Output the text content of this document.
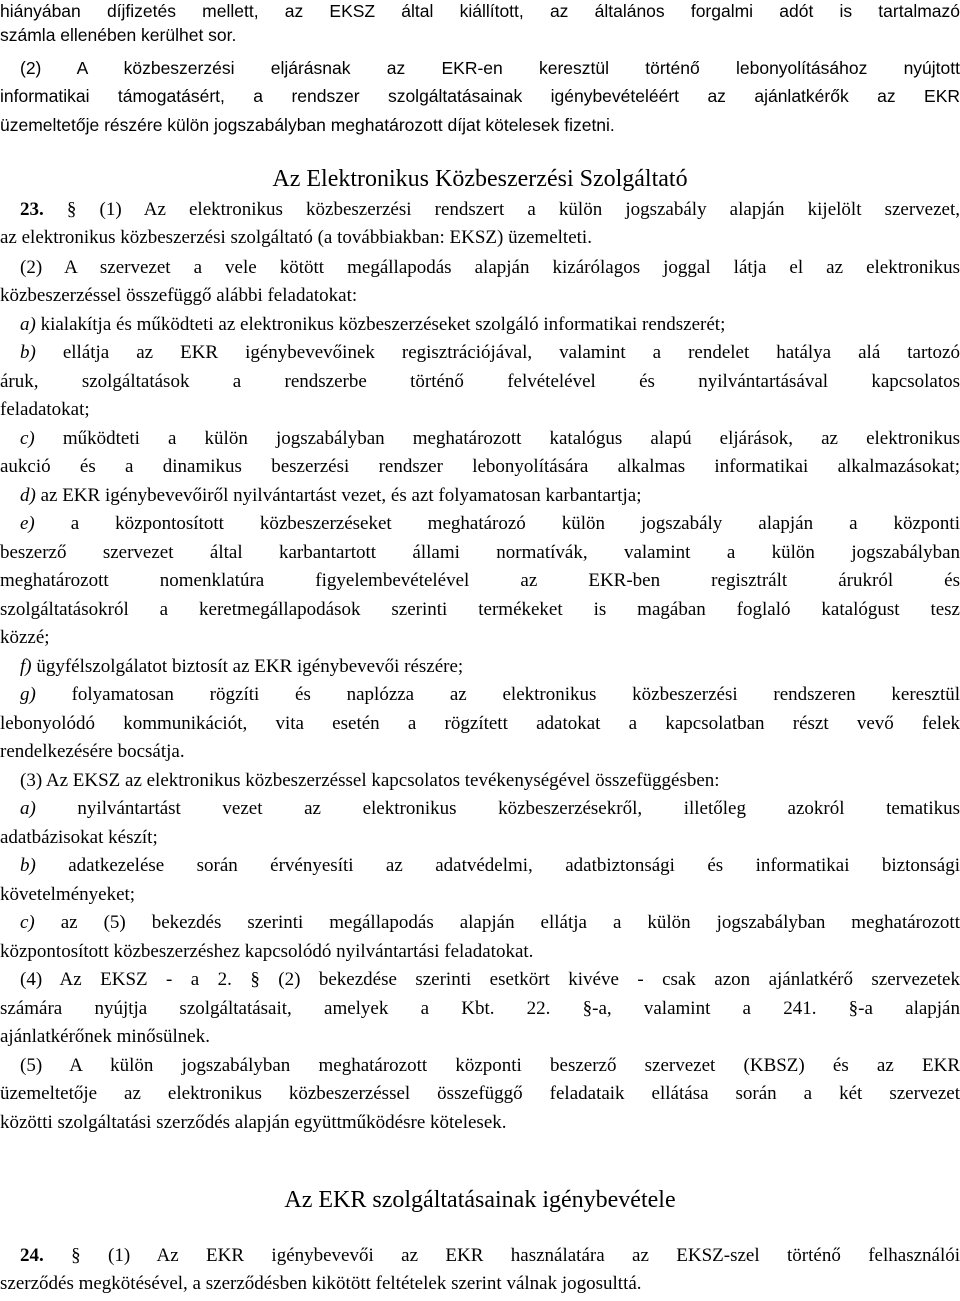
hiányában díjfizetés mellett, az EKSZ által kiállított, az általános forgalmi adót is tartalmazó
számla ellenében kerülhet sor.
(2) A közbeszerzési eljárásnak az EKR-en keresztül történő lebonyolításához nyújtott
informatikai támogatásért, a rendszer szolgáltatásainak igénybevételéért az ajánlatkérők az EKR
üzemeltetője részére külön jogszabályban meghatározott díjat kötelesek fizetni.
az elektronikus közbeszerzési szolgáltató (a továbbiakban: EKSZ) üzemelteti.
(2) A szervezet a vele kötött megállapodás alapján kizárólagos joggal látja el az elektronikus
közbeszerzéssel összefüggő alábbi feladatokat:
a) kialakítja és működteti az elektronikus közbeszerzéseket szolgáló informatikai rendszerét;
b) ellátja az EKR igénybevevőinek regisztrációjával, valamint a rendelet hatálya alá tartozó
áruk, szolgáltatások a rendszerbe történő felvételével és nyilvántartásával kapcsolatos
feladatokat;
c) működteti a külön jogszabályban meghatározott katalógus alapú eljárások, az elektronikus
aukció és a dinamikus beszerzési rendszer lebonyolítására alkalmas informatikai alkalmazásokat;
d) az EKR igénybevevőiről nyilvántartást vezet, és azt folyamatosan karbantartja;
e) a központosított közbeszerzéseket meghatározó külön jogszabály alapján a központi
beszerző szervezet által karbantartott állami normatívák, valamint a külön jogszabályban
meghatározott nomenklatúra figyelembevételével az EKR-ben regisztrált árukról és
szolgáltatásokról a keretmegállapodások szerinti termékeket is magában foglaló katalógust tesz
közzé;
f) ügyfélszolgálatot biztosít az EKR igénybevevői részére;
g) folyamatosan rögzíti és naplózza az elektronikus közbeszerzési rendszeren keresztül
lebonyolódó kommunikációt, vita esetén a rögzített adatokat a kapcsolatban részt vevő felek
rendelkezésére bocsátja.
(3) Az EKSZ az elektronikus közbeszerzéssel kapcsolatos tevékenységével összefüggésben:
a) nyilvántartást vezet az elektronikus közbeszerzésekről, illetőleg azokról tematikus
adatbázisokat készít;
b) adatkezelése során érvényesíti az adatvédelmi, adatbiztonsági és informatikai biztonsági
követelményeket;
c) az (5) bekezdés szerinti megállapodás alapján ellátja a külön jogszabályban meghatározott
központosított közbeszerzéshez kapcsolódó nyilvántartási feladatokat.
(4) Az EKSZ - a 2. § (2) bekezdése szerinti esetkört kivéve - csak azon ajánlatkérő szervezetek
számára nyújtja szolgáltatásait, amelyek a Kbt. 22. §-a, valamint a 241. §-a alapján
ajánlatkérőnek minősülnek.
(5) A külön jogszabályban meghatározott központi beszerző szervezet (KBSZ) és az EKR
üzemeltetője az elektronikus közbeszerzéssel összefüggő feladataik ellátása során a két szervezet
közötti szolgáltatási szerződés alapján együttműködésre kötelesek.
Az Elektronikus Közbeszerzési Szolgáltató
23. § (1) Az elektronikus közbeszerzési rendszert a külön jogszabály alapján kijelölt szervezet,
Az EKR szolgáltatásainak igénybevétele
24. § (1) Az EKR igénybevevői az EKR használatára az EKSZ-szel történő felhasználói
szerződés megkötésével, a szerződésben kikötött feltételek szerint válnak jogosulttá.
